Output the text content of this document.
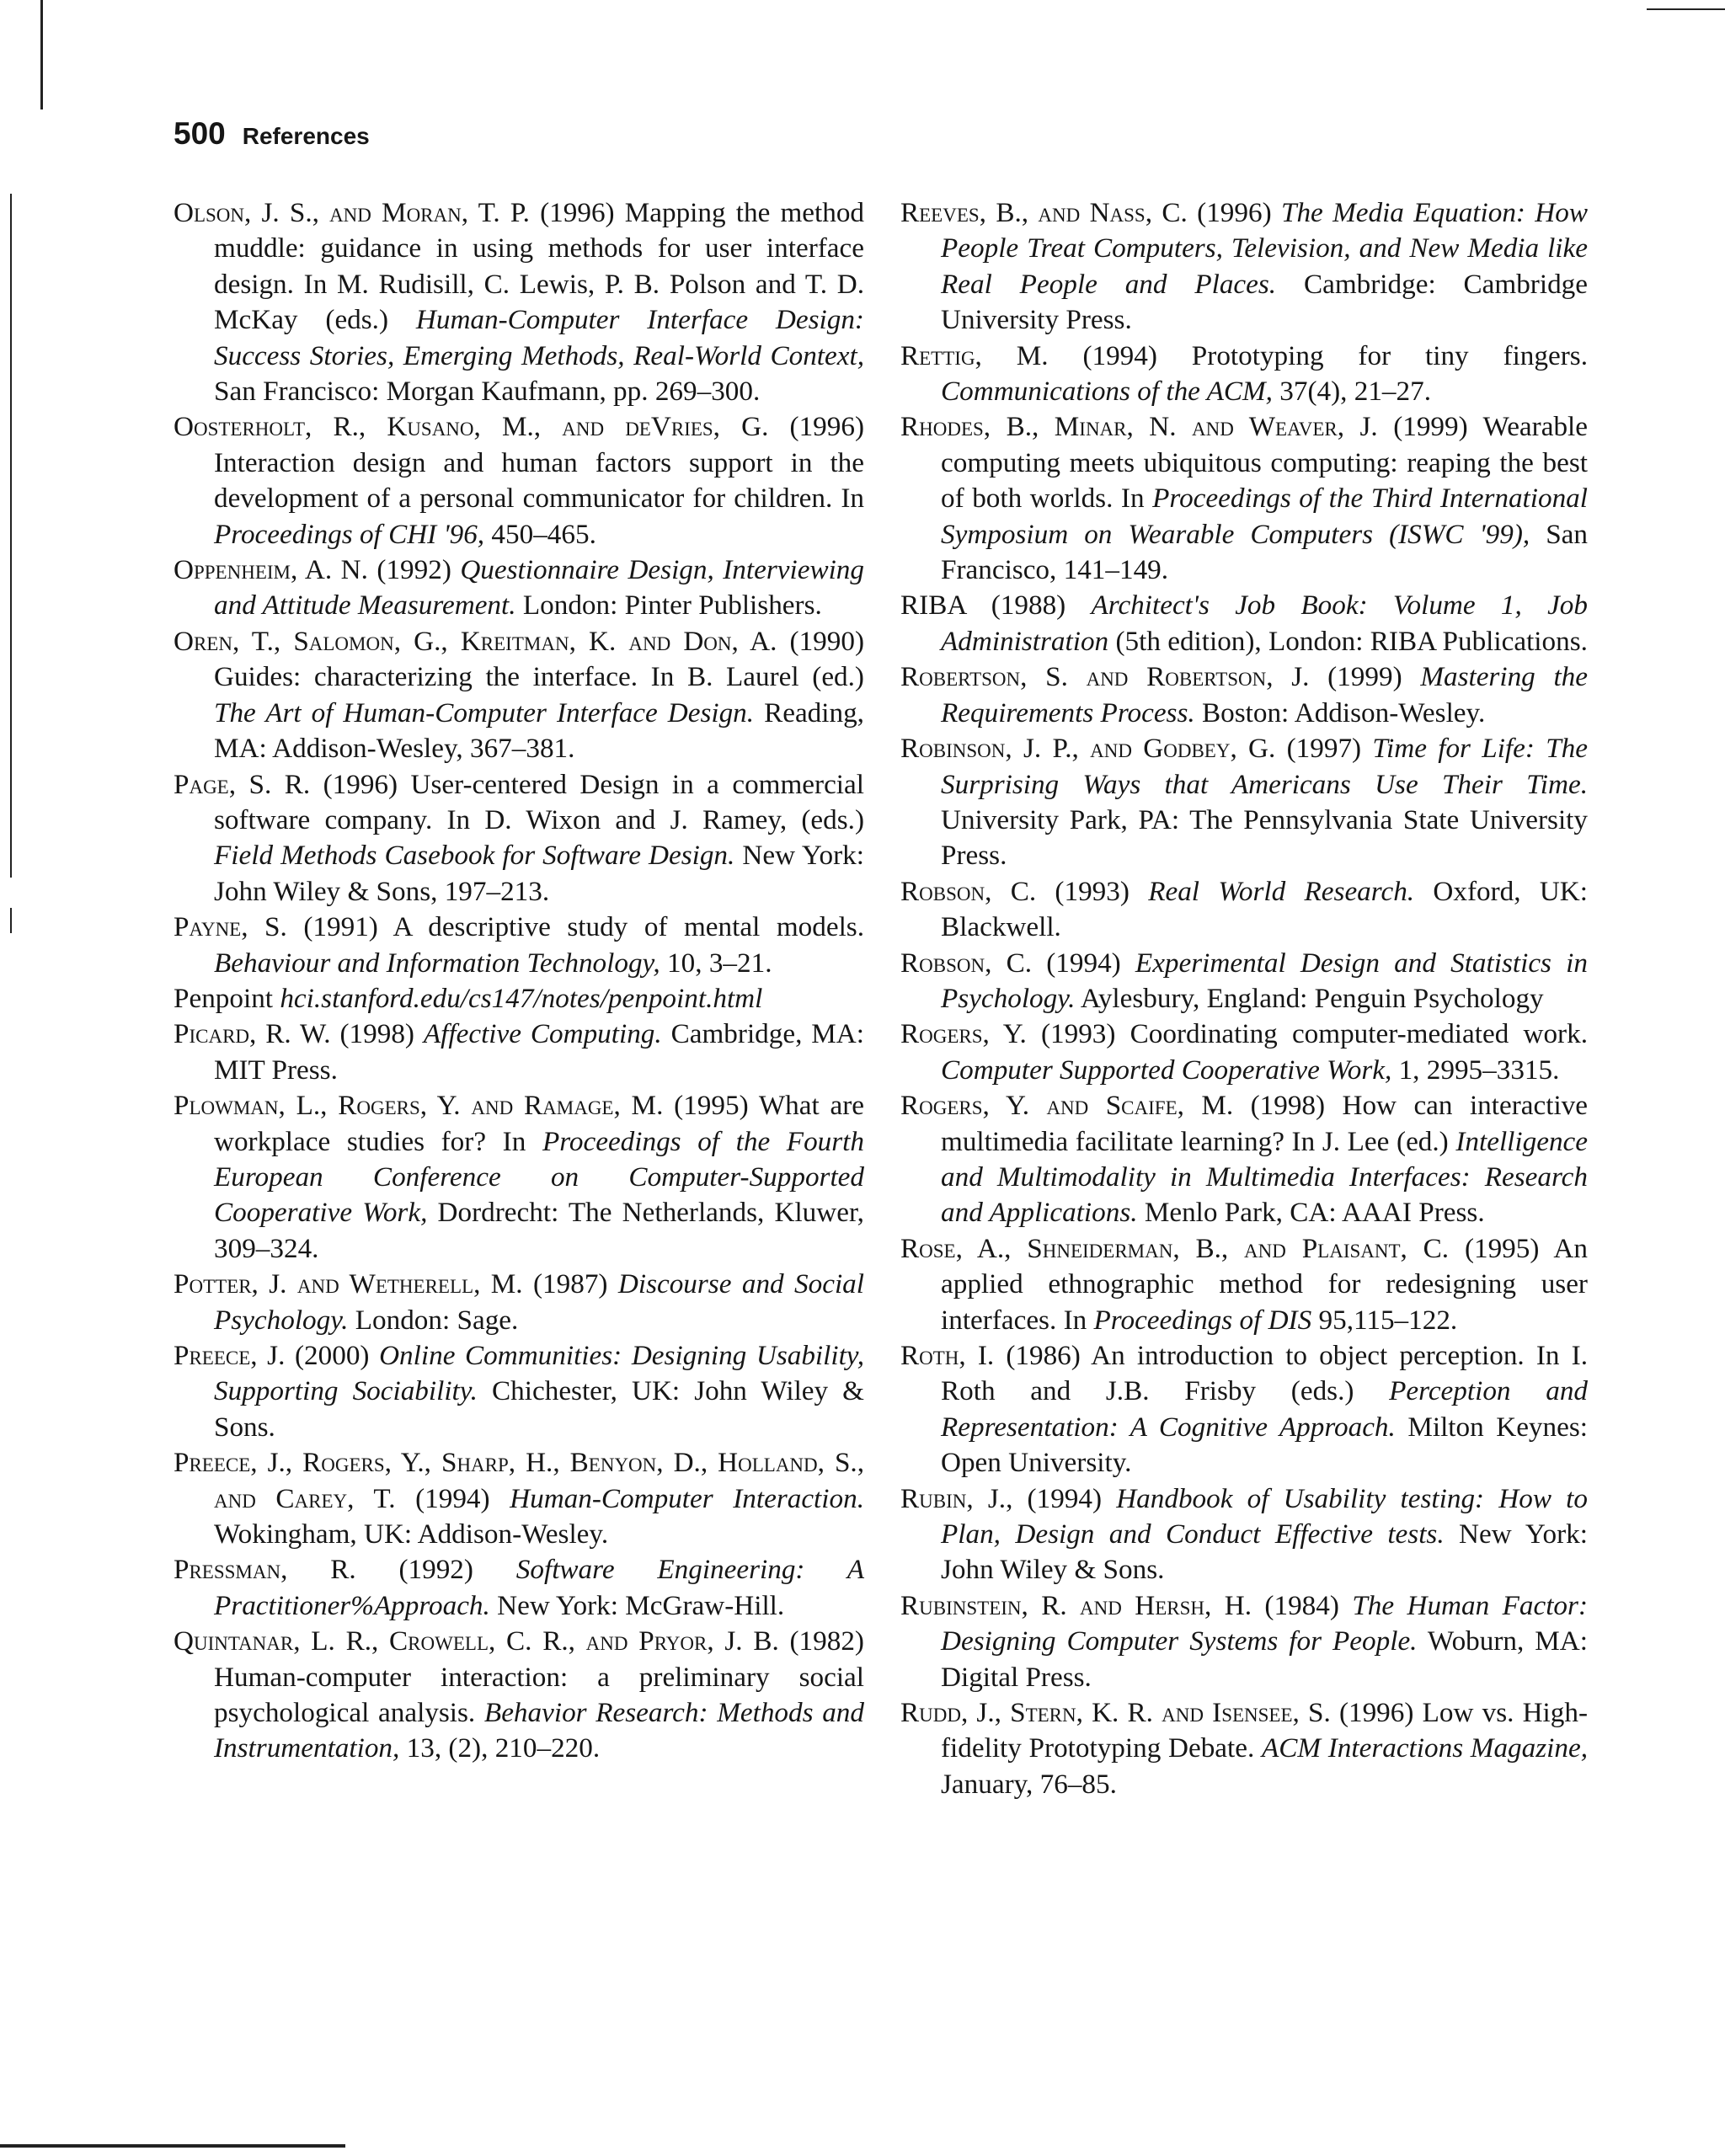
500 References

Olson, J. S., and Moran, T. P. (1996) Mapping the method muddle: guidance in using methods for user interface design. In M. Rudisill, C. Lewis, P. B. Polson and T. D. McKay (eds.) Human-Computer Interface Design: Success Stories, Emerging Methods, Real-World Context, San Francisco: Morgan Kaufmann, pp. 269–300.

Oosterholt, R., Kusano, M., and deVries, G. (1996) Interaction design and human factors support in the development of a personal communicator for children. In Proceedings of CHI '96, 450–465.

Oppenheim, A. N. (1992) Questionnaire Design, Interviewing and Attitude Measurement. London: Pinter Publishers.

Oren, T., Salomon, G., Kreitman, K. and Don, A. (1990) Guides: characterizing the interface. In B. Laurel (ed.) The Art of Human-Computer Interface Design. Reading, MA: Addison-Wesley, 367–381.

Page, S. R. (1996) User-centered Design in a commercial software company. In D. Wixon and J. Ramey, (eds.) Field Methods Casebook for Software Design. New York: John Wiley & Sons, 197–213.

Payne, S. (1991) A descriptive study of mental models. Behaviour and Information Technology, 10, 3–21.

Penpoint hci.stanford.edu/cs147/notes/penpoint.html

Picard, R. W. (1998) Affective Computing. Cambridge, MA: MIT Press.

Plowman, L., Rogers, Y. and Ramage, M. (1995) What are workplace studies for? In Proceedings of the Fourth European Conference on Computer-Supported Cooperative Work, Dordrecht: The Netherlands, Kluwer, 309–324.

Potter, J. and Wetherell, M. (1987) Discourse and Social Psychology. London: Sage.

Preece, J. (2000) Online Communities: Designing Usability, Supporting Sociability. Chichester, UK: John Wiley & Sons.

Preece, J., Rogers, Y., Sharp, H., Benyon, D., Holland, S., and Carey, T. (1994) Human-Computer Interaction. Wokingham, UK: Addison-Wesley.

Pressman, R. (1992) Software Engineering: A Practitioner%Approach. New York: McGraw-Hill.

Quintanar, L. R., Crowell, C. R., and Pryor, J. B. (1982) Human-computer interaction: a preliminary social psychological analysis. Behavior Research: Methods and Instrumentation, 13, (2), 210–220.

Reeves, B., and Nass, C. (1996) The Media Equation: How People Treat Computers, Television, and New Media like Real People and Places. Cambridge: Cambridge University Press.

Rettig, M. (1994) Prototyping for tiny fingers. Communications of the ACM, 37(4), 21–27.

Rhodes, B., Minar, N. and Weaver, J. (1999) Wearable computing meets ubiquitous computing: reaping the best of both worlds. In Proceedings of the Third International Symposium on Wearable Computers (ISWC '99), San Francisco, 141–149.

RIBA (1988) Architect's Job Book: Volume 1, Job Administration (5th edition), London: RIBA Publications.

Robertson, S. and Robertson, J. (1999) Mastering the Requirements Process. Boston: Addison-Wesley.

Robinson, J. P., and Godbey, G. (1997) Time for Life: The Surprising Ways that Americans Use Their Time. University Park, PA: The Pennsylvania State University Press.

Robson, C. (1993) Real World Research. Oxford, UK: Blackwell.

Robson, C. (1994) Experimental Design and Statistics in Psychology. Aylesbury, England: Penguin Psychology

Rogers, Y. (1993) Coordinating computer-mediated work. Computer Supported Cooperative Work, 1, 2995–3315.

Rogers, Y. and Scaife, M. (1998) How can interactive multimedia facilitate learning? In J. Lee (ed.) Intelligence and Multimodality in Multimedia Interfaces: Research and Applications. Menlo Park, CA: AAAI Press.

Rose, A., Shneiderman, B., and Plaisant, C. (1995) An applied ethnographic method for redesigning user interfaces. In Proceedings of DIS 95,115–122.

Roth, I. (1986) An introduction to object perception. In I. Roth and J.B. Frisby (eds.) Perception and Representation: A Cognitive Approach. Milton Keynes: Open University.

Rubin, J., (1994) Handbook of Usability testing: How to Plan, Design and Conduct Effective tests. New York: John Wiley & Sons.

Rubinstein, R. and Hersh, H. (1984) The Human Factor: Designing Computer Systems for People. Woburn, MA: Digital Press.

Rudd, J., Stern, K. R. and Isensee, S. (1996) Low vs. High-fidelity Prototyping Debate. ACM Interactions Magazine, January, 76–85.
